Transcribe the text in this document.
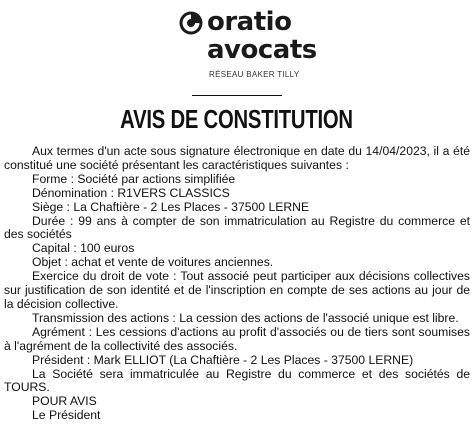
oratio
avocats
RÉSEAU BAKER TILLY
AVIS DE CONSTITUTION

Aux termes d'un acte sous signature électronique en date du 14/04/2023, il a été constitué une société présentant les caractéristiques suivantes :

Forme : Société par actions simplifiée

Dénomination : R1VERS CLASSICS

Siège : La Chaftière - 2 Les Places - 37500 LERNE

Durée : 99 ans à compter de son immatriculation au Registre du commerce et des sociétés

Capital : 100 euros

Objet : achat et vente de voitures anciennes.

Exercice du droit de vote : Tout associé peut participer aux décisions collectives sur justification de son identité et de l'inscription en compte de ses actions au jour de la décision collective.

Transmission des actions : La cession des actions de l'associé unique est libre.

Agrément : Les cessions d'actions au profit d'associés ou de tiers sont soumises à l'agrément de la collectivité des associés.

Président : Mark ELLIOT (La Chaftière - 2 Les Places - 37500 LERNE)

La Société sera immatriculée au Registre du commerce et des sociétés de TOURS.

POUR AVIS

Le Président
